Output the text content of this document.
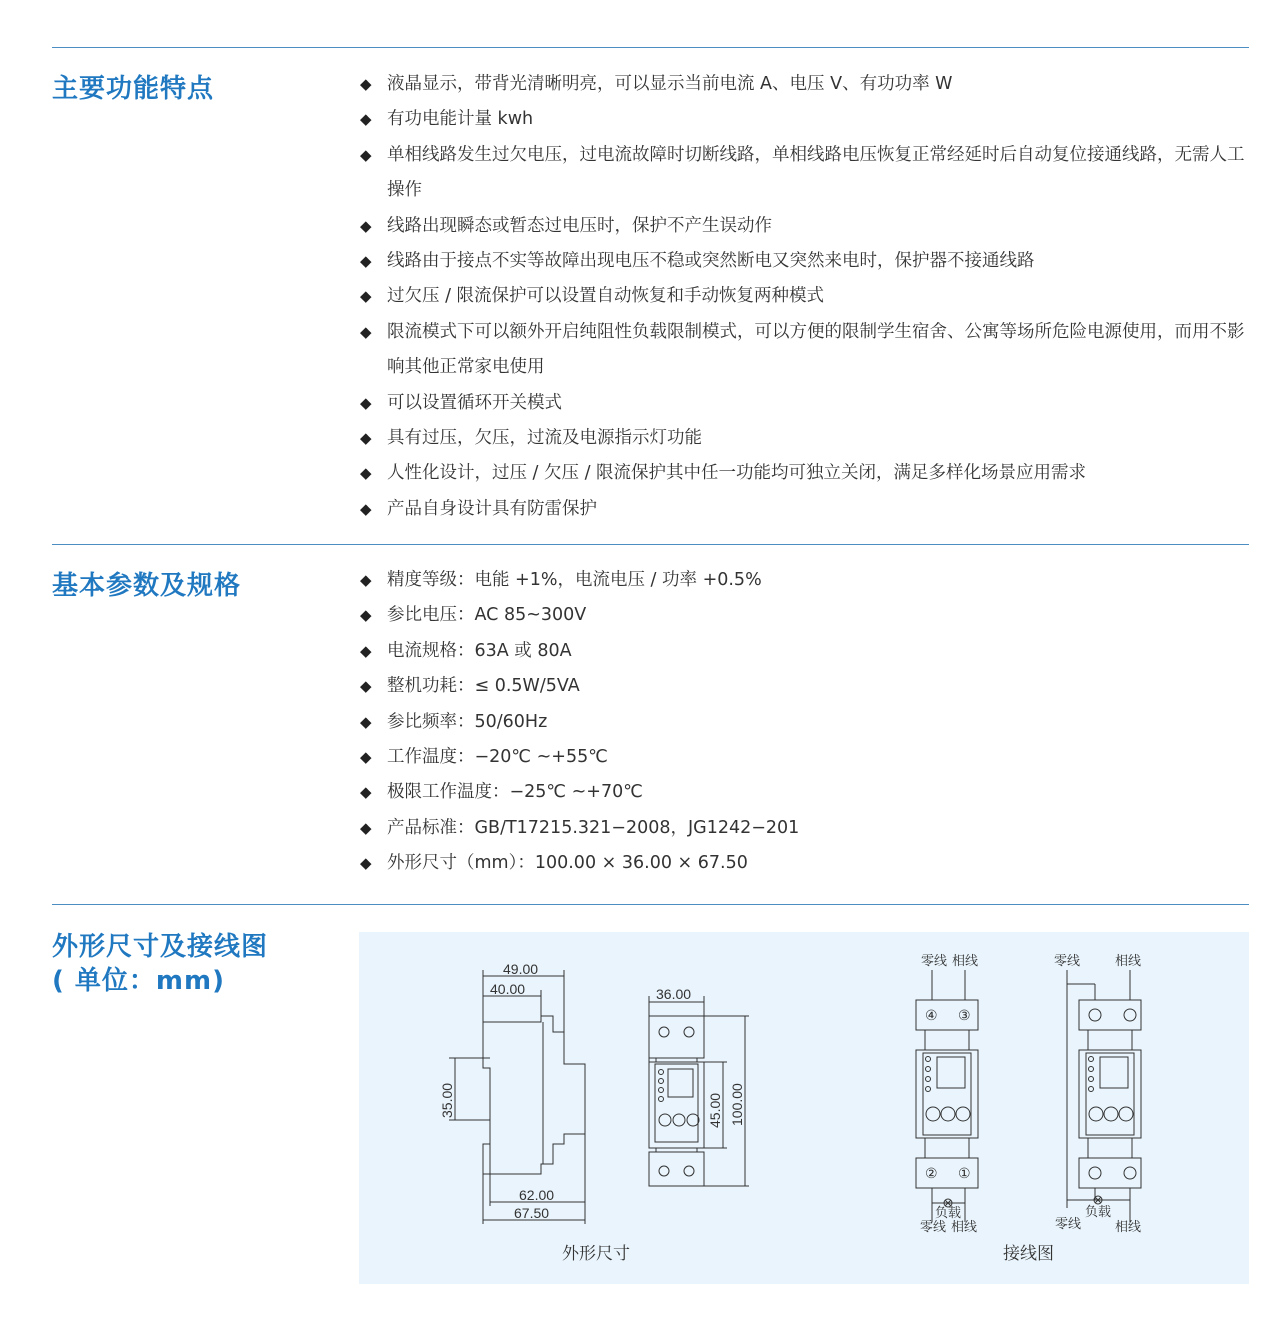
主要功能特点	◆ 液晶显示，带背光清晰明亮，可以显示当前电流 A、电压 V、有功功率 W
◆ 有功电能计量 kwh
◆ 单相线路发生过欠电压，过电流故障时切断线路，单相线路电压恢复正常经延时后自动复位接通线路，无需人工操作
◆ 线路出现瞬态或暂态过电压时，保护不产生误动作
◆ 线路由于接点不实等故障出现电压不稳或突然断电又突然来电时，保护器不接通线路
◆ 过欠压 / 限流保护可以设置自动恢复和手动恢复两种模式
◆ 限流模式下可以额外开启纯阻性负载限制模式，可以方便的限制学生宿舍、公寓等场所危险电源使用，而用不影响其他正常家电使用
◆ 可以设置循环开关模式
◆ 具有过压，欠压，过流及电源指示灯功能
◆ 人性化设计，过压 / 欠压 / 限流保护其中任一功能均可独立关闭，满足多样化场景应用需求
◆ 产品自身设计具有防雷保护
基本参数及规格	◆ 精度等级：电能 +1%，电流电压 / 功率 +0.5%
◆ 参比电压：AC 85~300V
◆ 电流规格：63A 或 80A
◆ 整机功耗：≤ 0.5W/5VA
◆ 参比频率：50/60Hz
◆ 工作温度：−20℃ ~+55℃
◆ 极限工作温度：−25℃ ~+70℃
◆ 产品标准：GB/T17215.321−2008，JG1242−201
◆ 外形尺寸（mm）：100.00 × 36.00 × 67.50
外形尺寸及接线图
( 单位：mm)	49.00
40.00
35.00
62.00
67.50
36.00
45.00 100.00
零线 相线
④ ③
② ①
负载
零线 相线
零线	相线
负载
零线	相线
外形尺寸	接线图
